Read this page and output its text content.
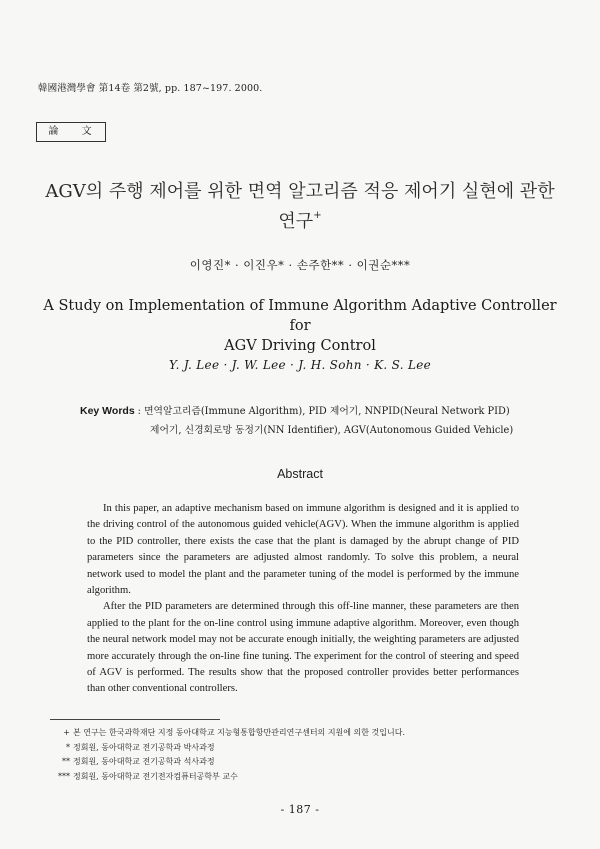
韓國港灣學會 第14卷 第2號, pp. 187~197. 2000.
論 文
AGV의 주행 제어를 위한 면역 알고리즘 적응 제어기 실현에 관한 연구+
이영진* · 이진우* · 손주한** · 이권순***
A Study on Implementation of Immune Algorithm Adaptive Controller for
AGV Driving Control
Y. J. Lee · J. W. Lee · J. H. Sohn · K. S. Lee
Key Words : 면역알고리즘(Immune Algorithm), PID 제어기, NNPID(Neural Network PID)
제어기, 신경회로망 동정기(NN Identifier), AGV(Autonomous Guided Vehicle)
Abstract

In this paper, an adaptive mechanism based on immune algorithm is designed and it is applied to the driving control of the autonomous guided vehicle(AGV). When the immune algorithm is applied to the PID controller, there exists the case that the plant is damaged by the abrupt change of PID parameters since the parameters are adjusted almost randomly. To solve this problem, a neural network used to model the plant and the parameter tuning of the model is performed by the immune algorithm.

After the PID parameters are determined through this off-line manner, these parameters are then applied to the plant for the on-line control using immune adaptive algorithm. Moreover, even though the neural network model may not be accurate enough initially, the weighting parameters are adjusted more accurately through the on-line fine tuning. The experiment for the control of steering and speed of AGV is performed. The results show that the proposed controller provides better performances than other conventional controllers.

+ 본 연구는 한국과학재단 지정 동아대학교 지능형통합항만관리연구센터의 지원에 의한 것입니다.
* 정회원, 동아대학교 전기공학과 박사과정
** 정회원, 동아대학교 전기공학과 석사과정
*** 정회원, 동아대학교 전기전자컴퓨터공학부 교수
- 187 -
